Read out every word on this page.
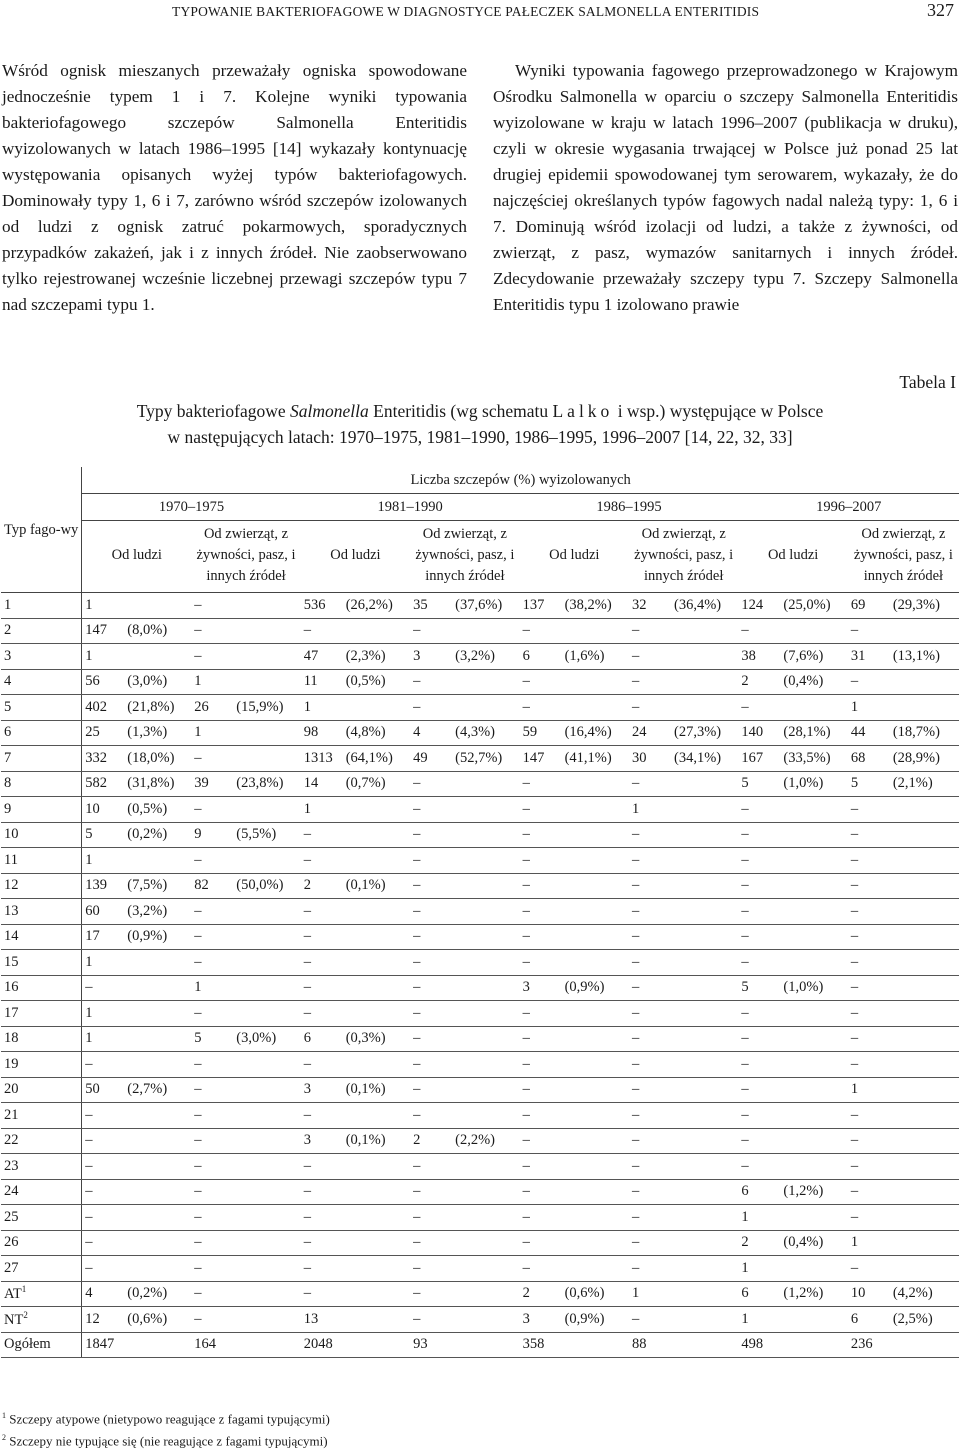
TYPOWANIE BAKTERIOFAGOWE W DIAGNOSTYCE PAŁECZEK SALMONELLA ENTERITIDIS	327

Wśród ognisk mieszanych przeważały ogniska spowodowane jednocześnie typem 1 i 7. Kolejne wyniki typowania bakteriofagowego szczepów Salmonella Enteritidis wyizolowanych w latach 1986–1995 [14] wykazały kontynuację występowania opisanych wyżej typów bakteriofagowych. Dominowały typy 1, 6 i 7, zarówno wśród szczepów izolowanych od ludzi z ognisk zatruć pokarmowych, sporadycznych przypadków zakażeń, jak i z innych źródeł. Nie zaobserwowano tylko rejestrowanej wcześnie liczebnej przewagi szczepów typu 7 nad szczepami typu 1.

Wyniki typowania fagowego przeprowadzonego w Krajowym Ośrodku Salmonella w oparciu o szczepy Salmonella Enteritidis wyizolowane w kraju w latach 1996–2007 (publikacja w druku), czyli w okresie wygasania trwającej w Polsce już ponad 25 lat drugiej epidemii spowodowanej tym serowarem, wykazały, że do najczęściej określanych typów fagowych nadal należą typy: 1, 6 i 7. Dominują wśród izolacji od ludzi, a także z żywności, od zwierząt, z pasz, wymazów sanitarnych i innych źródeł. Zdecydowanie przeważały szczepy typu 7. Szczepy Salmonella Enteritidis typu 1 izolowano prawie

Tabela I
Typy bakteriofagowe Salmonella Enteritidis (wg schematu Lalko i wsp.) występujące w Polsce
w następujących latach: 1970–1975, 1981–1990, 1986–1995, 1996–2007 [14, 22, 32, 33]
Typ fago-wy	Liczba szczepów (%) wyizolowanych							
	1970–1975		1981–1990		1986–1995		1996–2007	
	Od ludzi	Od zwierząt, z żywności, pasz, i innych źródeł	Od ludzi	Od zwierząt, z żywności, pasz, i innych źródeł	Od ludzi	Od zwierząt, z żywności, pasz, i innych źródeł	Od ludzi	Od zwierząt, z żywności, pasz, i innych źródeł
1	1	–	536 (26,2%)	35 (37,6%)	137 (38,2%)	32 (36,4%)	124 (25,0%)	69 (29,3%)

2	147 (8,0%)	–	–	–	–	–	–	–

3	1	–	47 (2,3%)	3 (3,2%)	6 (1,6%)	–	38 (7,6%)	31 (13,1%)

4	56 (3,0%)	1	11 (0,5%)	–	–	–	2 (0,4%)	–

5	402 (21,8%)	26 (15,9%)	1	–	–	–	–	1

6	25 (1,3%)	1	98 (4,8%)	4 (4,3%)	59 (16,4%)	24 (27,3%)	140 (28,1%)	44 (18,7%)

7	332 (18,0%)	–	1313 (64,1%)	49 (52,7%)	147 (41,1%)	30 (34,1%)	167 (33,5%)	68 (28,9%)

8	582 (31,8%)	39 (23,8%)	14 (0,7%)	–	–	–	5 (1,0%)	5 (2,1%)

9	10 (0,5%)	–	1	–	–	1	–	–

10	5 (0,2%)	9 (5,5%)	–	–	–	–	–	–

11	1	–	–	–	–	–	–	–

12	139 (7,5%)	82 (50,0%)	2 (0,1%)	–	–	–	–	–

13	60 (3,2%)	–	–	–	–	–	–	–

14	17 (0,9%)	–	–	–	–	–	–	–

15	1	–	–	–	–	–	–	–

16	–	1	–	–	3 (0,9%)	–	5 (1,0%)	–

17	1	–	–	–	–	–	–	–

18	1	5 (3,0%)	6 (0,3%)	–	–	–	–	–

19	–	–	–	–	–	–	–	–

20	50 (2,7%)	–	3 (0,1%)	–	–	–	–	1

21	–	–	–	–	–	–	–	–

22	–	–	3 (0,1%)	2 (2,2%)	–	–	–	–

23	–	–	–	–	–	–	–	–

24	–	–	–	–	–	–	6 (1,2%)	–

25	–	–	–	–	–	–	1	–

26	–	–	–	–	–	–	2 (0,4%)	1

27	–	–	–	–	–	–	1	–

$AT^1$	4 (0,2%)	–	–	–	2 (0,6%)	1	6 (1,2%)	10 (4,2%)

$NT^2$	12 (0,6%)	–	13	–	3 (0,9%)	–	1	6 (2,5%)

Ogółem	1847	164	2048	93	358	88	498	236
$^1$ Szczepy atypowe (nietypowo reagujące z fagami typującymi)
$^2$ Szczepy nie typujące się (nie reagujące z fagami typującymi)
